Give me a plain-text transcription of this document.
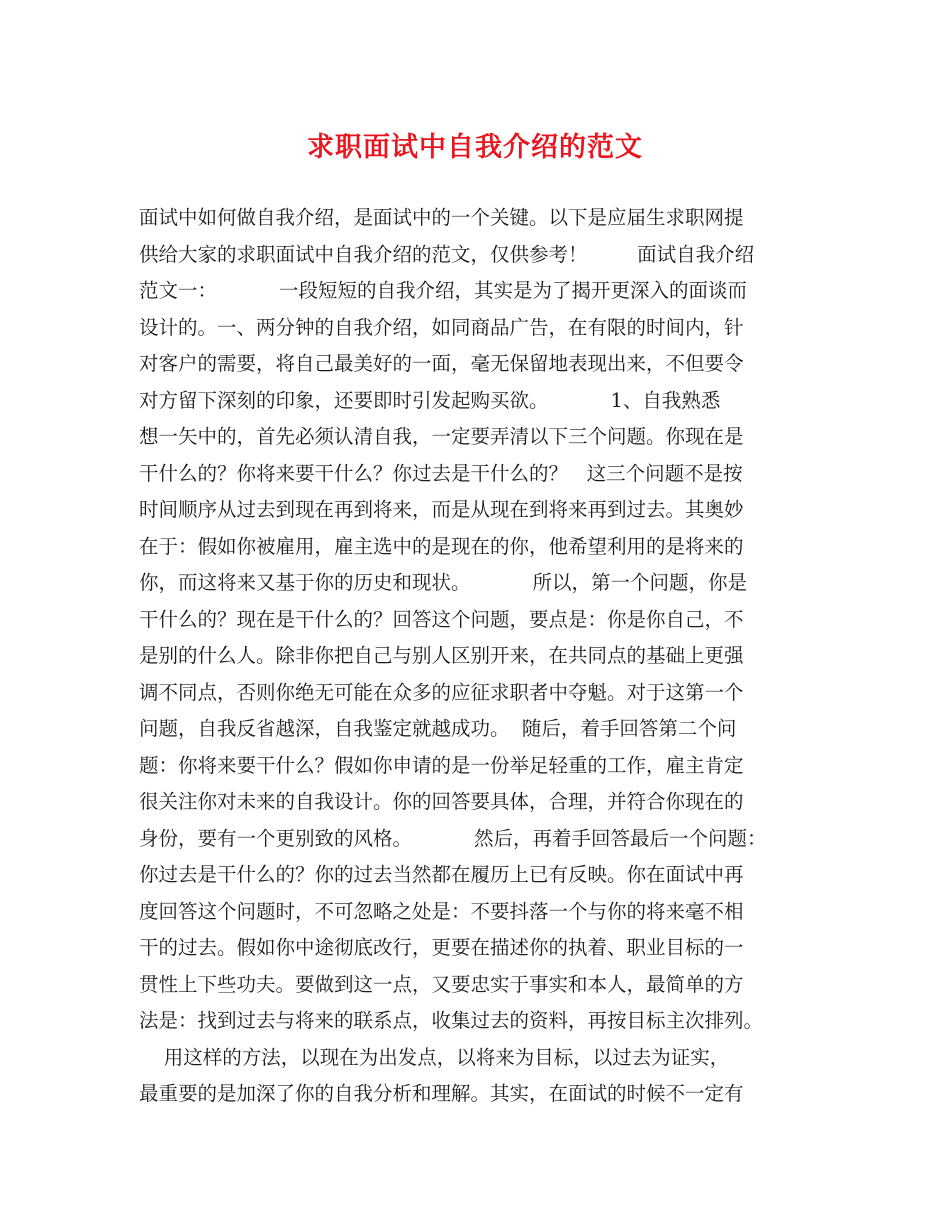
求职面试中自我介绍的范文
面试中如何做自我介绍，是面试中的一个关键。以下是应届生求职网提
供给大家的求职面试中自我介绍的范文，仅供参考！        面试自我介绍
范文一：          一段短短的自我介绍，其实是为了揭开更深入的面谈而
设计的。一、两分钟的自我介绍，如同商品广告，在有限的时间内，针
对客户的需要，将自己最美好的一面，毫无保留地表现出来，不但要令
对方留下深刻的印象，还要即时引发起购买欲。          1、自我熟悉
想一矢中的，首先必须认清自我，一定要弄清以下三个问题。你现在是
干什么的？你将来要干什么？你过去是干什么的？   这三个问题不是按
时间顺序从过去到现在再到将来，而是从现在到将来再到过去。其奥妙
在于：假如你被雇用，雇主选中的是现在的你，他希望利用的是将来的
你，而这将来又基于你的历史和现状。          所以，第一个问题，你是
干什么的？现在是干什么的？回答这个问题，要点是：你是你自己，不
是别的什么人。除非你把自己与别人区别开来，在共同点的基础上更强
调不同点，否则你绝无可能在众多的应征求职者中夺魁。对于这第一个
问题，自我反省越深，自我鉴定就越成功。  随后，着手回答第二个问
题：你将来要干什么？假如你申请的是一份举足轻重的工作，雇主肯定
很关注你对未来的自我设计。你的回答要具体，合理，并符合你现在的
身份，要有一个更别致的风格。          然后，再着手回答最后一个问题：
你过去是干什么的？你的过去当然都在履历上已有反映。你在面试中再
度回答这个问题时，不可忽略之处是：不要抖落一个与你的将来毫不相
干的过去。假如你中途彻底改行，更要在描述你的执着、职业目标的一
贯性上下些功夫。要做到这一点，又要忠实于事实和本人，最简单的方
法是：找到过去与将来的联系点，收集过去的资料，再按目标主次排列。
用这样的方法，以现在为出发点，以将来为目标，以过去为证实，
最重要的是加深了你的自我分析和理解。其实，在面试的时候不一定有
